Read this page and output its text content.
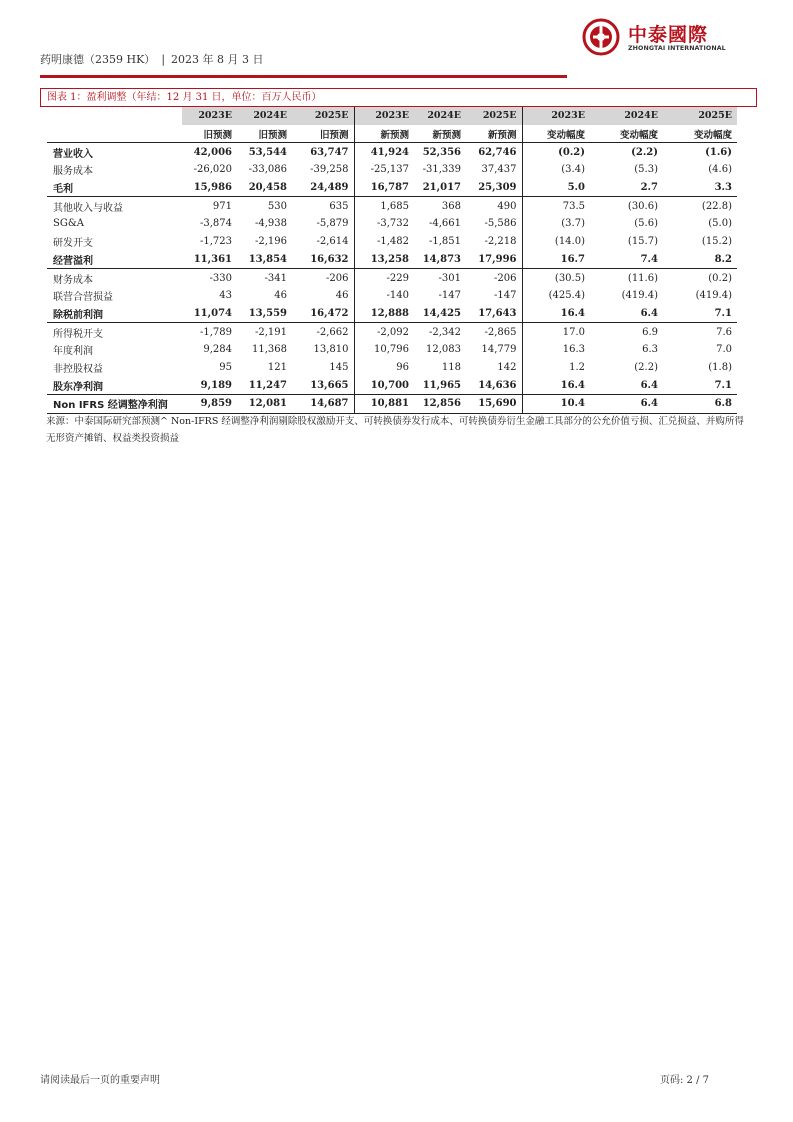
药明康德（2359 HK） | 2023 年 8 月 3 日
中泰國際
ZHONGTAI INTERNATIONAL
图表 1：盈利调整（年结：12 月 31 日，单位：百万人民币）
	2023E	2024E	2025E	2023E	2024E	2025E	2023E	2024E	2025E
	旧预测	旧预测	旧预测	新预测	新预测	新预测	变动幅度	变动幅度	变动幅度
营业收入	42,006	53,544	63,747	41,924	52,356	62,746	(0.2)	(2.2)	(1.6)
服务成本	-26,020	-33,086	-39,258	-25,137	-31,339	37,437	(3.4)	(5.3)	(4.6)
毛利	15,986	20,458	24,489	16,787	21,017	25,309	5.0	2.7	3.3
其他收入与收益	971	530	635	1,685	368	490	73.5	(30.6)	(22.8)
SG&A	-3,874	-4,938	-5,879	-3,732	-4,661	-5,586	(3.7)	(5.6)	(5.0)
研发开支	-1,723	-2,196	-2,614	-1,482	-1,851	-2,218	(14.0)	(15.7)	(15.2)
经营溢利	11,361	13,854	16,632	13,258	14,873	17,996	16.7	7.4	8.2
财务成本	-330	-341	-206	-229	-301	-206	(30.5)	(11.6)	(0.2)
联营合营损益	43	46	46	-140	-147	-147	(425.4)	(419.4)	(419.4)
除税前利润	11,074	13,559	16,472	12,888	14,425	17,643	16.4	6.4	7.1
所得税开支	-1,789	-2,191	-2,662	-2,092	-2,342	-2,865	17.0	6.9	7.6
年度利润	9,284	11,368	13,810	10,796	12,083	14,779	16.3	6.3	7.0
非控股权益	95	121	145	96	118	142	1.2	(2.2)	(1.8)
股东净利润	9,189	11,247	13,665	10,700	11,965	14,636	16.4	6.4	7.1
Non IFRS 经调整净利润	9,859	12,081	14,687	10,881	12,856	15,690	10.4	6.4	6.8
来源：中泰国际研究部预测^ Non-IFRS 经调整净利润剔除股权激励开支、可转换债券发行成本、可转换债券衍生金融工具部分的公允价值亏损、汇兑损益、并购所得无形资产摊销、权益类投资损益
请阅读最后一页的重要声明	页码: 2 / 7
